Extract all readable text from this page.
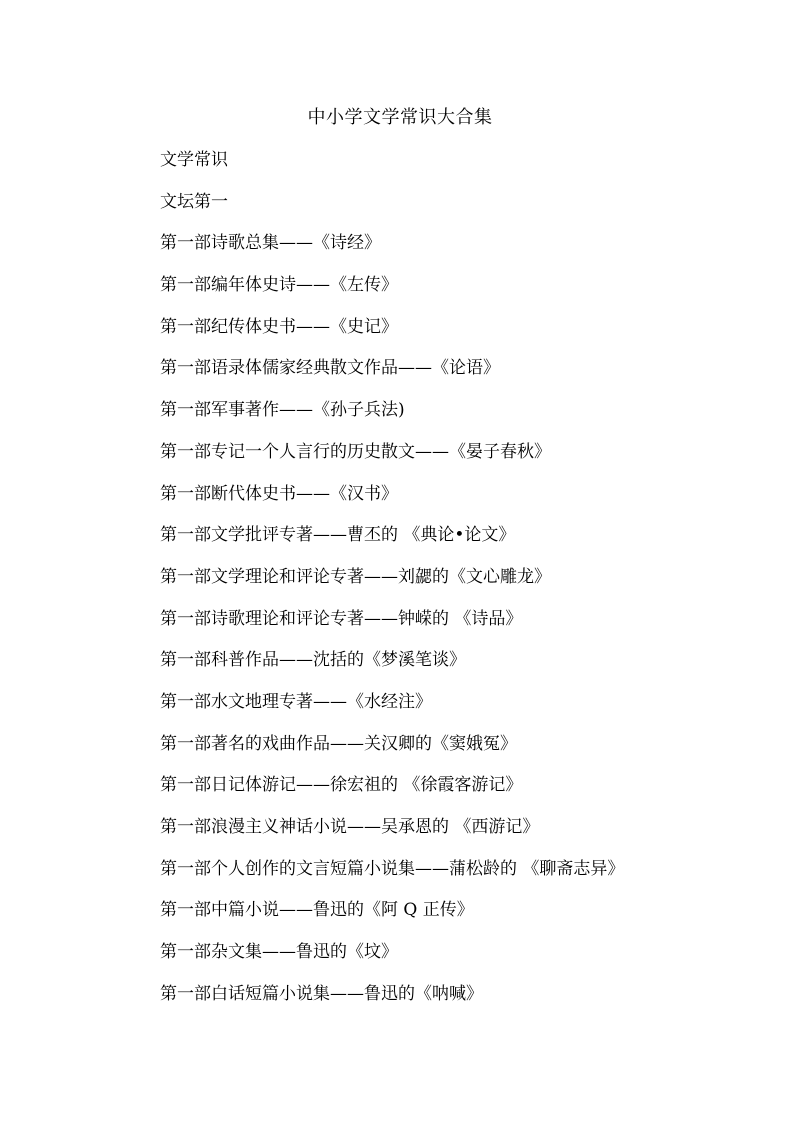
中小学文学常识大合集
文学常识
文坛第一
第一部诗歌总集——《诗经》
第一部编年体史诗——《左传》
第一部纪传体史书——《史记》
第一部语录体儒家经典散文作品——《论语》
第一部军事著作——《孙子兵法)
第一部专记一个人言行的历史散文——《晏子春秋》
第一部断代体史书——《汉书》
第一部文学批评专著——曹丕的 《典论•论文》
第一部文学理论和评论专著——刘勰的《文心雕龙》
第一部诗歌理论和评论专著——钟嵘的 《诗品》
第一部科普作品——沈括的《梦溪笔谈》
第一部水文地理专著——《水经注》
第一部著名的戏曲作品——关汉卿的《窦娥冤》
第一部日记体游记——徐宏祖的 《徐霞客游记》
第一部浪漫主义神话小说——吴承恩的 《西游记》
第一部个人创作的文言短篇小说集——蒲松龄的 《聊斋志异》
第一部中篇小说——鲁迅的《阿 Q 正传》
第一部杂文集——鲁迅的《坟》
第一部白话短篇小说集——鲁迅的《呐喊》
